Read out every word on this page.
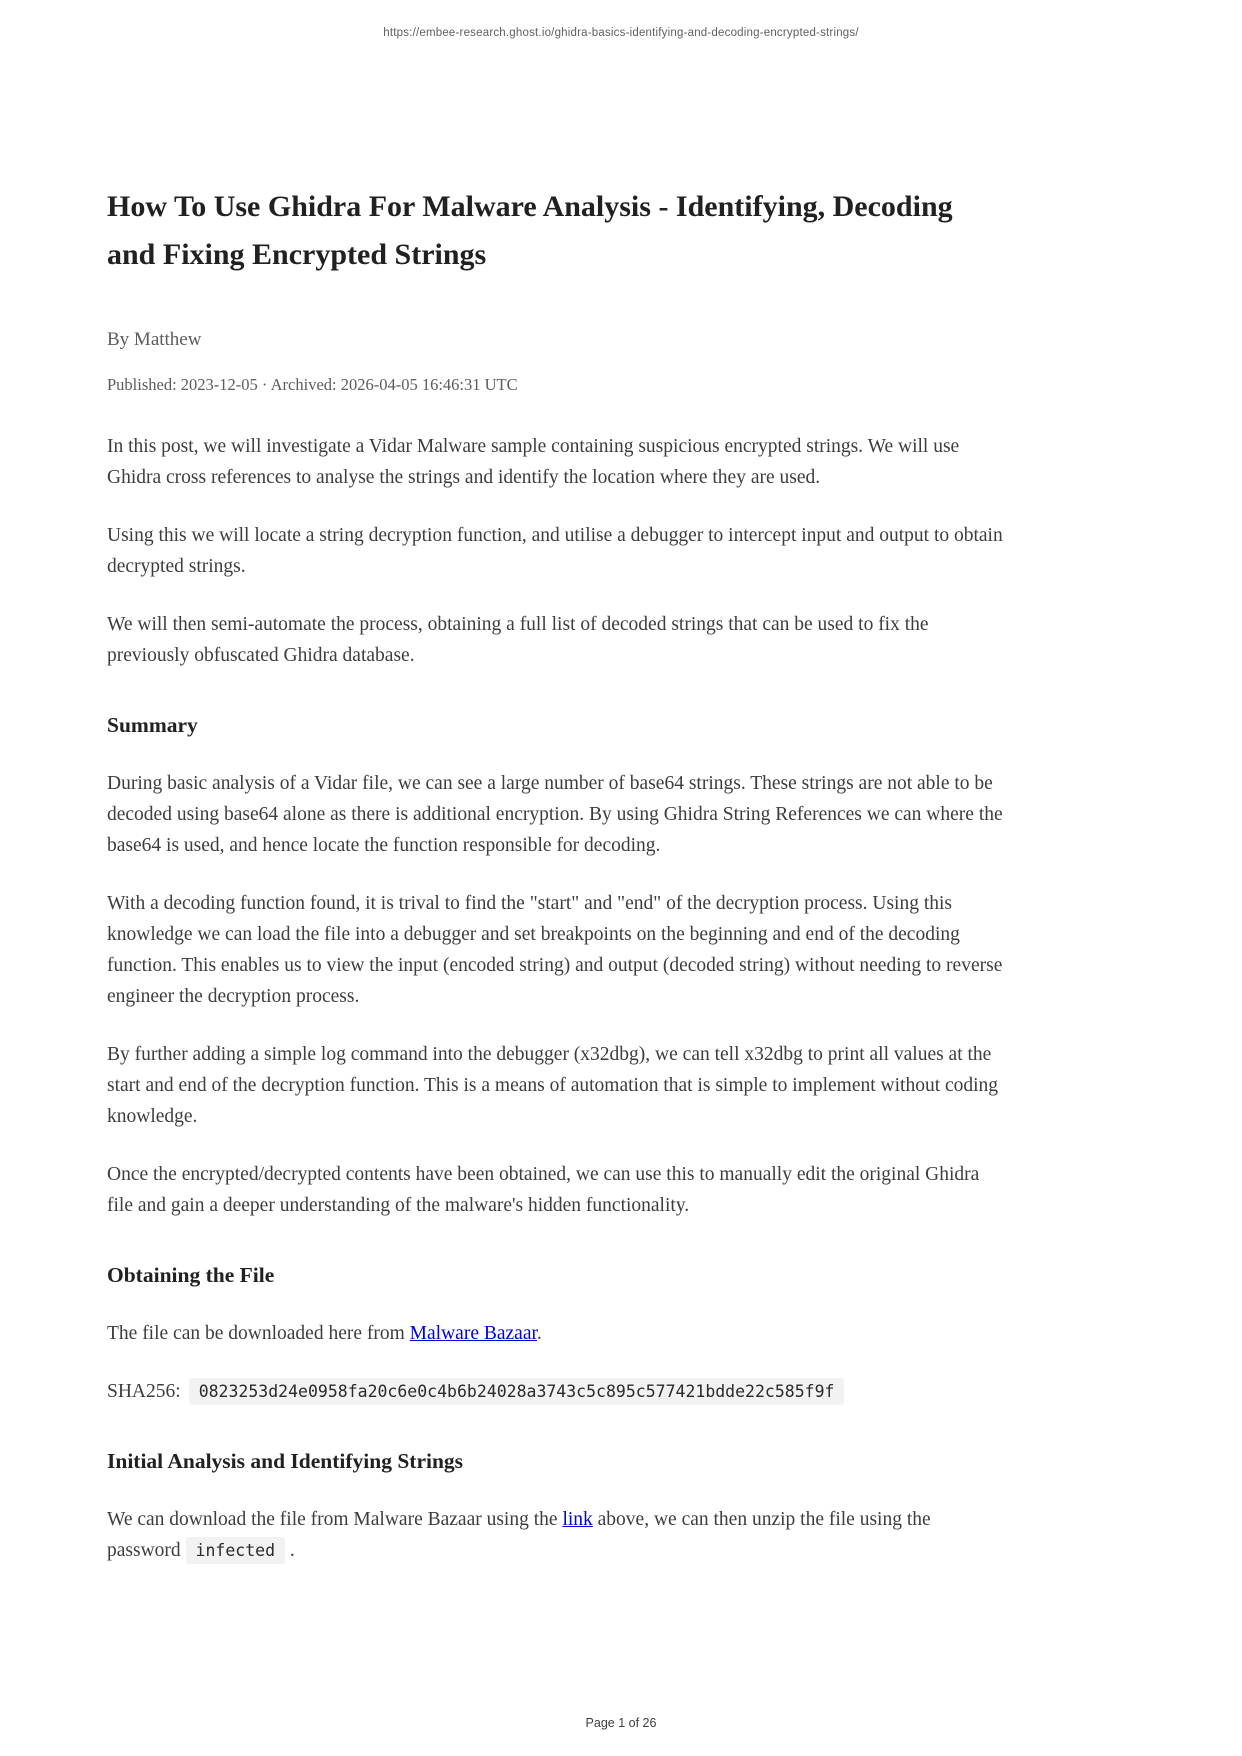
https://embee-research.ghost.io/ghidra-basics-identifying-and-decoding-encrypted-strings/
How To Use Ghidra For Malware Analysis - Identifying, Decoding and Fixing Encrypted Strings

By Matthew

Published: 2023-12-05 · Archived: 2026-04-05 16:46:31 UTC

In this post, we will investigate a Vidar Malware sample containing suspicious encrypted strings. We will use Ghidra cross references to analyse the strings and identify the location where they are used.

Using this we will locate a string decryption function, and utilise a debugger to intercept input and output to obtain decrypted strings.

We will then semi-automate the process, obtaining a full list of decoded strings that can be used to fix the previously obfuscated Ghidra database.

Summary

During basic analysis of a Vidar file, we can see a large number of base64 strings. These strings are not able to be decoded using base64 alone as there is additional encryption. By using Ghidra String References we can where the base64 is used, and hence locate the function responsible for decoding.

With a decoding function found, it is trival to find the "start" and "end" of the decryption process. Using this knowledge we can load the file into a debugger and set breakpoints on the beginning and end of the decoding function. This enables us to view the input (encoded string) and output (decoded string) without needing to reverse engineer the decryption process.

By further adding a simple log command into the debugger (x32dbg), we can tell x32dbg to print all values at the start and end of the decryption function. This is a means of automation that is simple to implement without coding knowledge.

Once the encrypted/decrypted contents have been obtained, we can use this to manually edit the original Ghidra file and gain a deeper understanding of the malware's hidden functionality.

Obtaining the File

The file can be downloaded here from Malware Bazaar.

SHA256: 0823253d24e0958fa20c6e0c4b6b24028a3743c5c895c577421bdde22c585f9f

Initial Analysis and Identifying Strings

We can download the file from Malware Bazaar using the link above, we can then unzip the file using the password infected .

Page 1 of 26
